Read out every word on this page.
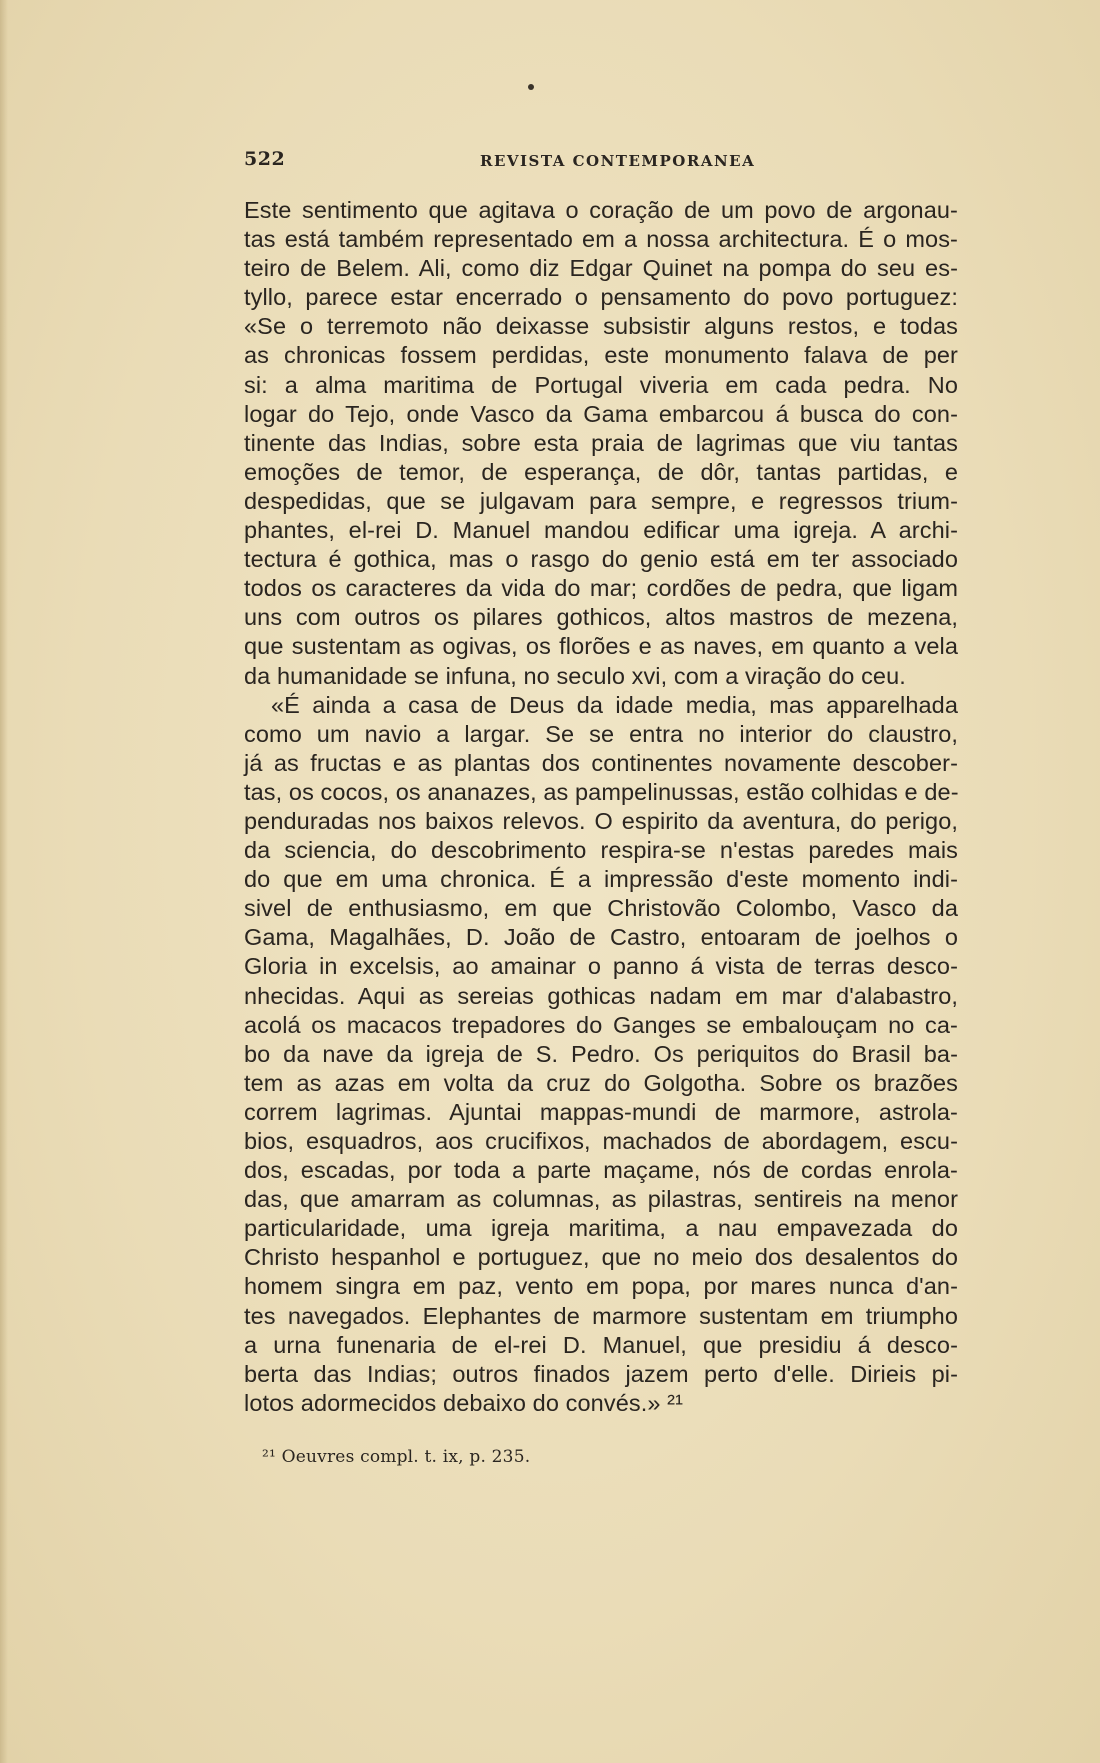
522	REVISTA CONTEMPORANEA
Este sentimento que agitava o coração de um povo de argonau-
tas está também representado em a nossa architectura. É o mos-
teiro de Belem. Ali, como diz Edgar Quinet na pompa do seu es-
tyllo, parece estar encerrado o pensamento do povo portuguez:
«Se o terremoto não deixasse subsistir alguns restos, e todas
as chronicas fossem perdidas, este monumento falava de per
si: a alma maritima de Portugal viveria em cada pedra. No
logar do Tejo, onde Vasco da Gama embarcou á busca do con-
tinente das Indias, sobre esta praia de lagrimas que viu tantas
emoções de temor, de esperança, de dôr, tantas partidas, e
despedidas, que se julgavam para sempre, e regressos trium-
phantes, el-rei D. Manuel mandou edificar uma igreja. A archi-
tectura é gothica, mas o rasgo do genio está em ter associado
todos os caracteres da vida do mar; cordões de pedra, que ligam
uns com outros os pilares gothicos, altos mastros de mezena,
que sustentam as ogivas, os florões e as naves, em quanto a vela
da humanidade se infuna, no seculo xvi, com a viração do ceu.
«É ainda a casa de Deus da idade media, mas apparelhada
como um navio a largar. Se se entra no interior do claustro,
já as fructas e as plantas dos continentes novamente descober-
tas, os cocos, os ananazes, as pampelinussas, estão colhidas e de-
penduradas nos baixos relevos. O espirito da aventura, do perigo,
da sciencia, do descobrimento respira-se n'estas paredes mais
do que em uma chronica. É a impressão d'este momento indi-
sivel de enthusiasmo, em que Christovão Colombo, Vasco da
Gama, Magalhães, D. João de Castro, entoaram de joelhos o
Gloria in excelsis, ao amainar o panno á vista de terras desco-
nhecidas. Aqui as sereias gothicas nadam em mar d'alabastro,
acolá os macacos trepadores do Ganges se embalouçam no ca-
bo da nave da igreja de S. Pedro. Os periquitos do Brasil ba-
tem as azas em volta da cruz do Golgotha. Sobre os brazões
correm lagrimas. Ajuntai mappas-mundi de marmore, astrola-
bios, esquadros, aos crucifixos, machados de abordagem, escu-
dos, escadas, por toda a parte maçame, nós de cordas enrola-
das, que amarram as columnas, as pilastras, sentireis na menor
particularidade, uma igreja maritima, a nau empavezada do
Christo hespanhol e portuguez, que no meio dos desalentos do
homem singra em paz, vento em popa, por mares nunca d'an-
tes navegados. Elephantes de marmore sustentam em triumpho
a urna funenaria de el-rei D. Manuel, que presidiu á desco-
berta das Indias; outros finados jazem perto d'elle. Dirieis pi-
lotos adormecidos debaixo do convés.» ²¹
²¹ Oeuvres compl. t. ix, p. 235.
